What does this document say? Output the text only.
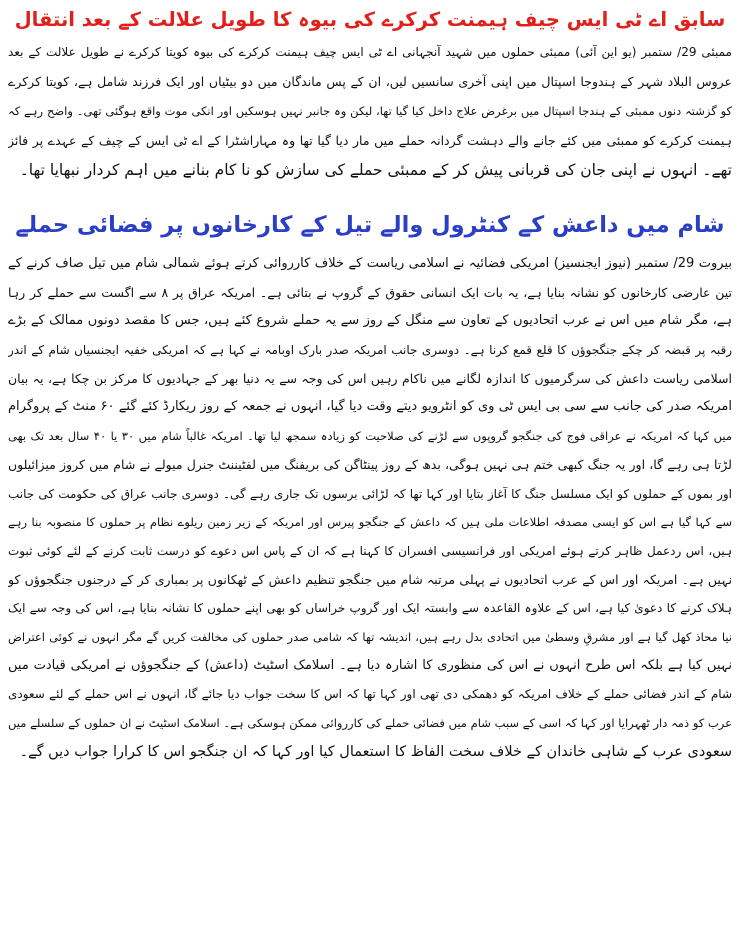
سابق اے ٹی ایس چیف ہیمنت کرکرے کی بیوہ کا طویل علالت کے بعد انتقال
ممبئی 29/ ستمبر (یو این آئی) ممبئی حملوں میں شہید آنجہانی اے ٹی ایس چیف ہیمنت کرکرے کی بیوہ کویتا کرکرے نے طویل علالت کے بعد
عروس البلاد شہر کے ہندوجا اسپتال میں اپنی آخری سانسیں لیں، ان کے پس ماندگان میں دو بیٹیاں اور ایک فرزند شامل ہے، کویتا کرکرے
کو گزشتہ دنوں ممبئی کے ہندجا اسپتال میں برغرض علاج داخل کیا گیا تھا، لیکن وہ جانبر نہیں ہوسکیں اور انکی موت واقع ہوگئی تھی۔ واضح رہے کہ
ہیمنت کرکرے کو ممبئی میں کئے جانے والے دہشت گردانہ حملے میں مار دیا گیا تھا وہ مہاراشٹرا کے اے ٹی ایس کے چیف کے عہدے پر فائز
تھے۔ انہوں نے اپنی جان کی قربانی پیش کر کے ممبئی حملے کی سازش کو نا کام بنانے میں اہم کردار نبھایا تھا۔
شام میں داعش کے کنٹرول والے تیل کے کارخانوں پر فضائی حملے
بیروت 29/ ستمبر (نیوز ایجنسیز) امریکی فضائیہ نے اسلامی ریاست کے خلاف کارروائی کرتے ہوئے شمالی شام میں تیل صاف کرنے کے
تین عارضی کارخانوں کو نشانہ بنایا ہے، یہ بات ایک انسانی حقوق کے گروپ نے بتائی ہے۔ امریکہ عراق پر ۸ سے اگست سے حملے کر رہا
ہے، مگر شام میں اس نے عرب اتحادیوں کے تعاون سے منگل کے روز سے یہ حملے شروع کئے ہیں، جس کا مقصد دونوں ممالک کے بڑے
رقبہ پر قبضہ کر چکے جنگجوؤں کا قلع قمع کرنا ہے۔ دوسری جانب امریکہ صدر بارک اوبامہ نے کہا ہے کہ امریکی خفیہ ایجنسیاں شام کے اندر
اسلامی ریاست داعش کی سرگرمیوں کا اندازہ لگانے میں ناکام رہیں اس کی وجہ سے یہ دنیا بھر کے جہادیوں کا مرکز بن چکا ہے، یہ بیان
امریکہ صدر کی جانب سے سی بی ایس ٹی وی کو انٹرویو دیتے وقت دیا گیا، انہوں نے جمعہ کے روز ریکارڈ کئے گئے ۶۰ منٹ کے پروگرام
میں کہا کہ امریکہ نے عراقی فوج کی جنگجو گروپوں سے لڑنے کی صلاحیت کو زیادہ سمجھ لیا تھا۔ امریکہ غالباً شام میں ۳۰ یا ۴۰ سال بعد تک بھی
لڑتا ہی رہے گا، اور یہ جنگ کبھی ختم ہی نہیں ہوگی، بدھ کے روز پینٹاگن کی بریفنگ میں لفٹیننٹ جنرل میولے نے شام میں کروز میزائیلوں
اور بموں کے حملوں کو ایک مسلسل جنگ کا آغاز بتایا اور کہا تھا کہ لڑائی برسوں تک جاری رہے گی۔ دوسری جانب عراق کی حکومت کی جانب
سے کہا گیا ہے اس کو ایسی مصدقہ اطلاعات ملی ہیں کہ داعش کے جنگجو پیرس اور امریکہ کے زیر زمین ریلوے نظام پر حملوں کا منصوبہ بنا رہے
ہیں، اس ردعمل ظاہر کرتے ہوئے امریکی اور فرانسیسی افسران کا کہنا ہے کہ ان کے پاس اس دعوے کو درست ثابت کرنے کے لئے کوئی ثبوت
نہیں ہے۔ امریکہ اور اس کے عرب اتحادیوں نے پہلی مرتبہ شام میں جنگجو تنظیم داعش کے ٹھکانوں پر بمباری کر کے درجنوں جنگجوؤں کو
ہلاک کرنے کا دعویٰ کیا ہے، اس کے علاوہ القاعدہ سے وابستہ ایک اور گروپ خراساں کو بھی اپنے حملوں کا نشانہ بنایا ہے، اس کی وجہ سے ایک
نیا محاذ کھل گیا ہے اور مشرقِ وسطیٰ میں اتحادی بدل رہے ہیں، اندیشہ تھا کہ شامی صدر حملوں کی مخالفت کریں گے مگر انہوں نے کوئی اعتراض
نہیں کیا ہے بلکہ اس طرح انہوں نے اس کی منظوری کا اشارہ دیا ہے۔ اسلامک اسٹیٹ (داعش) کے جنگجوؤں نے امریکی قیادت میں
شام کے اندر فضائی حملے کے خلاف امریکہ کو دھمکی دی تھی اور کہا تھا کہ اس کا سخت جواب دیا جائے گا، انہوں نے اس حملے کے لئے سعودی
عرب کو ذمہ دار ٹھہرایا اور کہا کہ اسی کے سبب شام میں فضائی حملے کی کارروائی ممکن ہوسکی ہے۔ اسلامک اسٹیٹ نے ان حملوں کے سلسلے میں
سعودی عرب کے شاہی خاندان کے خلاف سخت الفاظ کا استعمال کیا اور کہا کہ ان جنگجو اس کا کرارا جواب دیں گے۔
